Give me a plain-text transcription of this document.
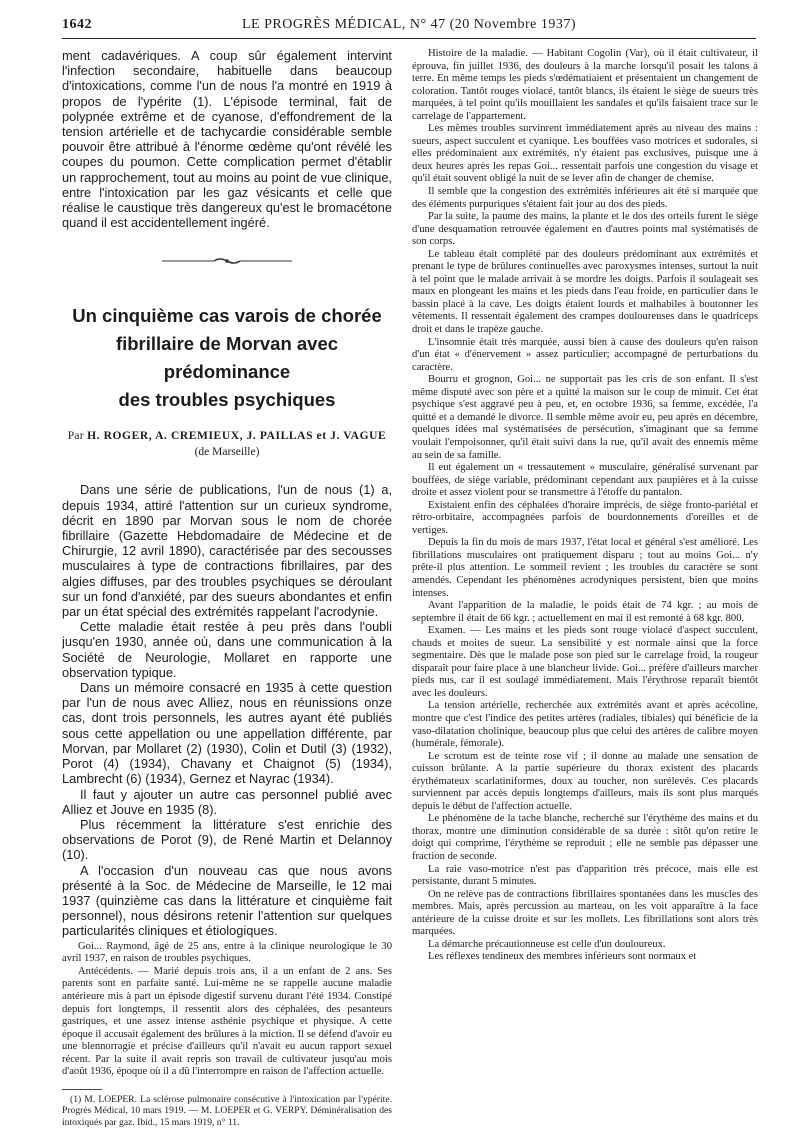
1642	LE PROGRÈS MÉDICAL, N° 47 (20 Novembre 1937)

ment cadavériques. A coup sûr également intervint l'infection secondaire, habituelle dans beaucoup d'intoxications, comme l'un de nous l'a montré en 1919 à propos de l'ypérite (1). L'épisode terminal, fait de polypnée extrême et de cyanose, d'effondrement de la tension artérielle et de tachycardie considérable semble pouvoir être attribué à l'énorme œdème qu'ont révélé les coupes du poumon. Cette complication permet d'établir un rapprochement, tout au moins au point de vue clinique, entre l'intoxication par les gaz vésicants et celle que réalise le caustique très dangereux qu'est le bromacétone quand il est accidentellement ingéré.

Un cinquième cas varois de chorée

fibrillaire de Morvan avec prédominance

des troubles psychiques

Par H. ROGER, A. CREMIEUX, J. PAILLAS et J. VAGUE

(de Marseille)

Dans une série de publications, l'un de nous (1) a, depuis 1934, attiré l'attention sur un curieux syndrome, décrit en 1890 par Morvan sous le nom de chorée fibrillaire (Gazette Hebdomadaire de Médecine et de Chirurgie, 12 avril 1890), caractérisée par des secousses musculaires à type de contractions fibrillaires, par des algies diffuses, par des troubles psychiques se déroulant sur un fond d'anxiété, par des sueurs abondantes et enfin par un état spécial des extrémités rappelant l'acrodynie.

Cette maladie était restée à peu près dans l'oubli jusqu'en 1930, année où, dans une communication à la Société de Neurologie, Mollaret en rapporte une observation typique.

Dans un mémoire consacré en 1935 à cette question par l'un de nous avec Alliez, nous en réunissions onze cas, dont trois personnels, les autres ayant été publiés sous cette appellation ou une appellation différente, par Morvan, par Mollaret (2) (1930), Colin et Dutil (3) (1932), Porot (4) (1934), Chavany et Chaignot (5) (1934), Lambrecht (6) (1934), Gernez et Nayrac (1934).

Il faut y ajouter un autre cas personnel publié avec Alliez et Jouve en 1935 (8).

Plus récemment la littérature s'est enrichie des observations de Porot (9), de René Martin et Delannoy (10).

A l'occasion d'un nouveau cas que nous avons présenté à la Soc. de Médecine de Marseille, le 12 mai 1937 (quinzième cas dans la littérature et cinquième fait personnel), nous désirons retenir l'attention sur quelques particularités cliniques et étiologiques.

Goi... Raymond, âgé de 25 ans, entre à la clinique neurologique le 30 avril 1937, en raison de troubles psychiques.

Antécédents. — Marié depuis trois ans, il a un enfant de 2 ans. Ses parents sont en parfaite santé. Lui-même ne se rappelle aucune maladie antérieure mis à part un épisode digestif survenu durant l'été 1934. Constipé depuis fort longtemps, il ressentit alors des céphalées, des pesanteurs gastriques, et une assez intense asthénie psychique et physique. A cette époque il accusait également des brûlures à la miction. Il se défend d'avoir eu une blennorragie et précise d'ailleurs qu'il n'avait eu aucun rapport sexuel récent. Par la suite il avait repris son travail de cultivateur jusqu'au mois d'août 1936, époque où il a dû l'interrompre en raison de l'affection actuelle.

(1) M. LOEPER. La sclérose pulmonaire consécutive à l'intoxication par l'ypérite. Progrès Médical, 10 mars 1919. — M. LOEPER et G. VERPY. Déminéralisation des intoxiqués par gaz. Ibid., 15 mars 1919, n° 11.

Histoire de la maladie. — Habitant Cogolin (Var), où il était cultivateur, il éprouva, fin juillet 1936, des douleurs à la marche lorsqu'il posait les talons à terre. En même temps les pieds s'œdématiaient et présentaient un changement de coloration. Tantôt rouges violacé, tantôt blancs, ils étaient le siège de sueurs très marquées, à tel point qu'ils mouillaient les sandales et qu'ils faisaient trace sur le carrelage de l'appartement.

Les mêmes troubles survinrent immédiatement après au niveau des mains : sueurs, aspect succulent et cyanique. Les bouffées vaso motrices et sudorales, si elles prédominaient aux extrémités, n'y étaient pas exclusives, puisque une à deux heures après les repas Goi... ressentait parfois une congestion du visage et qu'il était souvent obligé la nuit de se lever afin de changer de chemise.

Il semble que la congestion des extrémités inférieures ait été si marquée que des éléments purpuriques s'étaient fait jour au dos des pieds.

Par la suite, la paume des mains, la plante et le dos des orteils furent le siège d'une desquamation retrouvée également en d'autres points mal systématisés de son corps.

Le tableau était complété par des douleurs prédominant aux extrémités et prenant le type de brûlures continuelles avec paroxysmes intenses, surtout la nuit à tel point que le malade arrivait à se mordre les doigts. Parfois il soulageait ses maux en plongeant les mains et les pieds dans l'eau froide, en particulier dans le bassin placé à la cave. Les doigts étaient lourds et malhabiles à boutonner les vêtements. Il ressentait également des crampes douloureuses dans le quadriceps droit et dans le trapèze gauche.

L'insomnie était très marquée, aussi bien à cause des douleurs qu'en raison d'un état « d'énervement » assez particulier; accompagné de perturbations du caractère.

Bourru et grognon, Goi... ne supportait pas les cris de son enfant. Il s'est même disputé avec son père et a quitté la maison sur le coup de minuit. Cet état psychique s'est aggravé peu à peu, et, en octobre 1936, sa femme, excédée, l'a quitté et a demandé le divorce. Il semble même avoir eu, peu après en décembre, quelques idées mal systématisées de persécution, s'imaginant que sa femme voulait l'empoisonner, qu'il était suivi dans la rue, qu'il avait des ennemis même au sein de sa famille.

Il eut également un « tressautement » musculaire, généralisé survenant par bouffées, de siège variable, prédominant cependant aux paupières et à la cuisse droite et assez violent pour se transmettre à l'étoffe du pantalon.

Existaient enfin des céphalées d'horaire imprécis, de siège fronto-pariétal et rétro-orbitaire, accompagnées parfois de bourdonnements d'oreilles et de vertiges.

Depuis la fin du mois de mars 1937, l'état local et général s'est amélioré. Les fibrillations musculaires ont pratiquement disparu ; tout au moins Goi... n'y prête-il plus attention. Le sommeil revient ; les troubles du caractère se sont amendés. Cependant les phénomènes acrodyniques persistent, bien que moins intenses.

Avant l'apparition de la maladie, le poids était de 74 kgr. ; au mois de septembre il était de 66 kgr. ; actuellement en mai il est remonté à 68 kgr. 800.

Examen. — Les mains et les pieds sont rouge violacé d'aspect succulent, chauds et moites de sueur. La sensibilité y est normale ainsi que la force segmentaire. Dès que le malade pose son pied sur le carrelage froid, la rougeur disparaît pour faire place à une blancheur livide. Goi... préfère d'ailleurs marcher pieds nus, car il est soulagé immédiatement. Mais l'érythrose reparaît bientôt avec les douleurs.

La tension artérielle, recherchée aux extrémités avant et après acécoline, montre que c'est l'indice des petites artères (radiales, tibiales) qui bénéficie de la vaso-dilatation cholinique, beaucoup plus que celui des artères de calibre moyen (humérale, fémorale).

Le scrotum est de teinte rose vif ; il donne au malade une sensation de cuisson brûlante. A la partie supérieure du thorax existent des placards érythémateux scarlatiniformes, doux au toucher, non surélevés. Ces placards surviennent par accès depuis longtemps d'ailleurs, mais ils sont plus marqués depuis le début de l'affection actuelle.

Le phénomène de la tache blanche, recherché sur l'érythème des mains et du thorax, montre une diminution considérable de sa durée : sitôt qu'on retire le doigt qui comprime, l'érythème se reproduit ; elle ne semble pas dépasser une fraction de seconde.

La raie vaso-motrice n'est pas d'apparition très précoce, mais elle est persistante, durant 5 minutes.

On ne relève pas de contractions fibrillaires spontanées dans les muscles des membres. Mais, après percussion au marteau, on les voit apparaître à la face antérieure de la cuisse droite et sur les mollets. Les fibrillations sont alors très marquées.

La démarche précautionneuse est celle d'un douloureux.

Les réflexes tendineux des membres inférieurs sont normaux et
